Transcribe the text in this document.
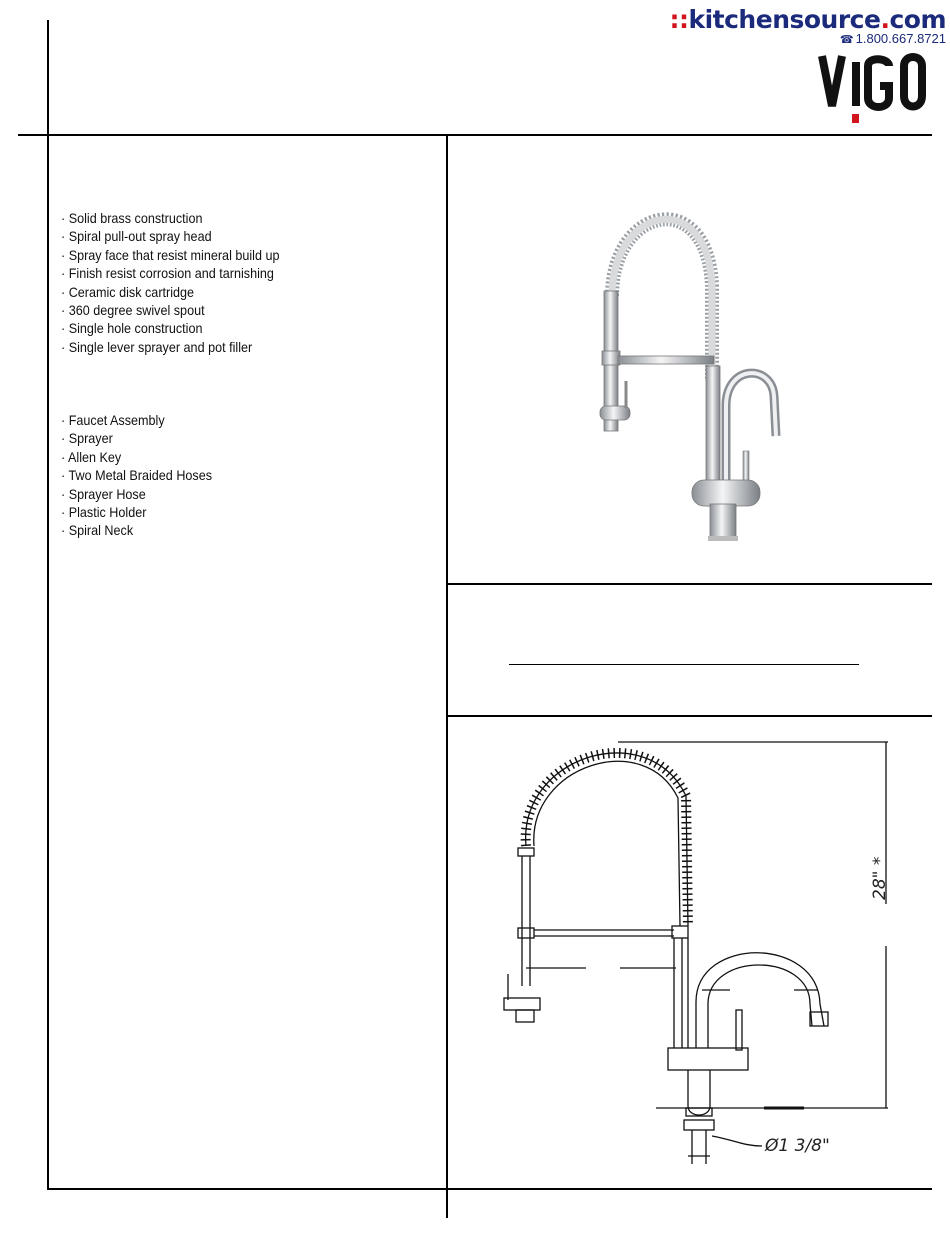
::kitchensource.com
☎ 1.800.667.8721
· Solid brass construction
· Spiral pull-out spray head
· Spray face that resist mineral build up
· Finish resist corrosion and tarnishing
· Ceramic disk cartridge
· 360 degree swivel spout
· Single hole construction
· Single lever sprayer and pot filler
· Faucet Assembly
· Sprayer
· Allen Key
· Two Metal Braided Hoses
· Sprayer Hose
· Plastic Holder
· Spiral Neck
28" *
Ø1 3/8"
